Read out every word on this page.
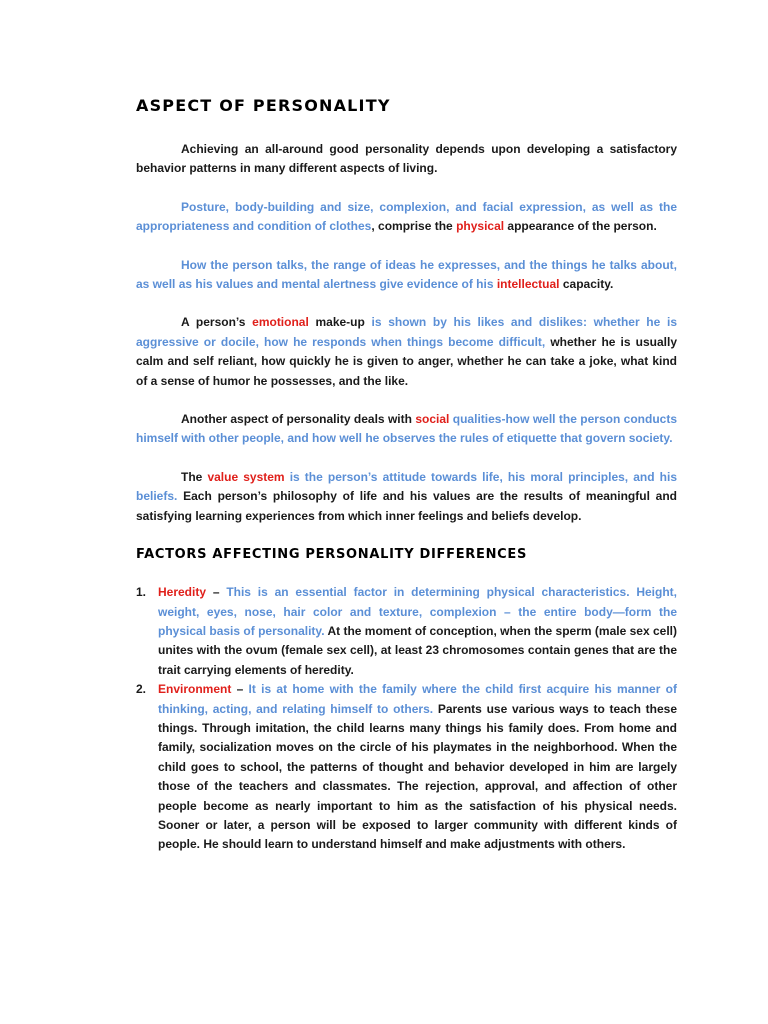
ASPECT OF PERSONALITY

Achieving an all-around good personality depends upon developing a satisfactory behavior patterns in many different aspects of living.

Posture, body-building and size, complexion, and facial expression, as well as the appropriateness and condition of clothes, comprise the physical appearance of the person.

How the person talks, the range of ideas he expresses, and the things he talks about, as well as his values and mental alertness give evidence of his intellectual capacity.

A person’s emotional make-up is shown by his likes and dislikes: whether he is aggressive or docile, how he responds when things become difficult, whether he is usually calm and self reliant, how quickly he is given to anger, whether he can take a joke, what kind of a sense of humor he possesses, and the like.

Another aspect of personality deals with social qualities-how well the person conducts himself with other people, and how well he observes the rules of etiquette that govern society.

The value system is the person’s attitude towards life, his moral principles, and his beliefs. Each person’s philosophy of life and his values are the results of meaningful and satisfying learning experiences from which inner feelings and beliefs develop.

FACTORS AFFECTING PERSONALITY DIFFERENCES
1. Heredity – This is an essential factor in determining physical characteristics. Height, weight, eyes, nose, hair color and texture, complexion – the entire body—form the physical basis of personality. At the moment of conception, when the sperm (male sex cell) unites with the ovum (female sex cell), at least 23 chromosomes contain genes that are the trait carrying elements of heredity.
2. Environment – It is at home with the family where the child first acquire his manner of thinking, acting, and relating himself to others. Parents use various ways to teach these things. Through imitation, the child learns many things his family does. From home and family, socialization moves on the circle of his playmates in the neighborhood. When the child goes to school, the patterns of thought and behavior developed in him are largely those of the teachers and classmates. The rejection, approval, and affection of other people become as nearly important to him as the satisfaction of his physical needs. Sooner or later, a person will be exposed to larger community with different kinds of people. He should learn to understand himself and make adjustments with others.
